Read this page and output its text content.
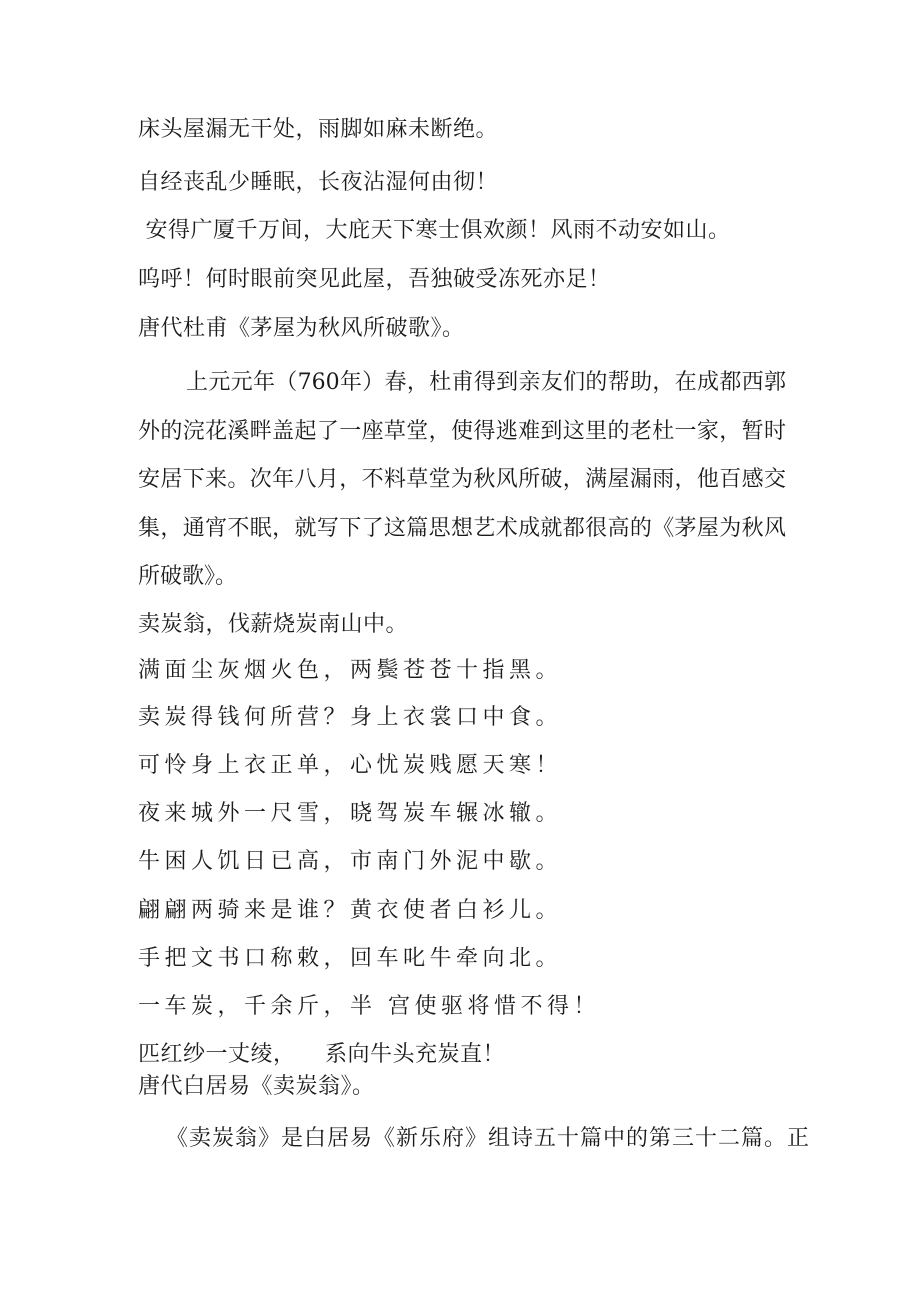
床头屋漏无干处，雨脚如麻未断绝。
自经丧乱少睡眠，长夜沾湿何由彻！
安得广厦千万间，大庇天下寒士俱欢颜！风雨不动安如山。
呜呼！何时眼前突见此屋，吾独破受冻死亦足！
唐代杜甫《茅屋为秋风所破歌》。
上元元年（760年）春，杜甫得到亲友们的帮助，在成都西郭外的浣花溪畔盖起了一座草堂，使得逃难到这里的老杜一家，暂时安居下来。次年八月，不料草堂为秋风所破，满屋漏雨，他百感交集，通宵不眠，就写下了这篇思想艺术成就都很高的《茅屋为秋风所破歌》。
卖炭翁，伐薪烧炭南山中。
满面尘灰烟火色，两鬓苍苍十指黑。
卖炭得钱何所营？身上衣裳口中食。
可怜身上衣正单，心忧炭贱愿天寒！
夜来城外一尺雪，晓驾炭车辗冰辙。
牛困人饥日已高，市南门外泥中歇。
翩翩两骑来是谁？黄衣使者白衫儿。
手把文书口称敕，回车叱牛牵向北。
一车炭，千余斤，半 宫使驱将惜不得！
匹红纱一丈绫， 系向牛头充炭直！
唐代白居易《卖炭翁》。
《卖炭翁》是白居易《新乐府》组诗五十篇中的第三十二篇。正
